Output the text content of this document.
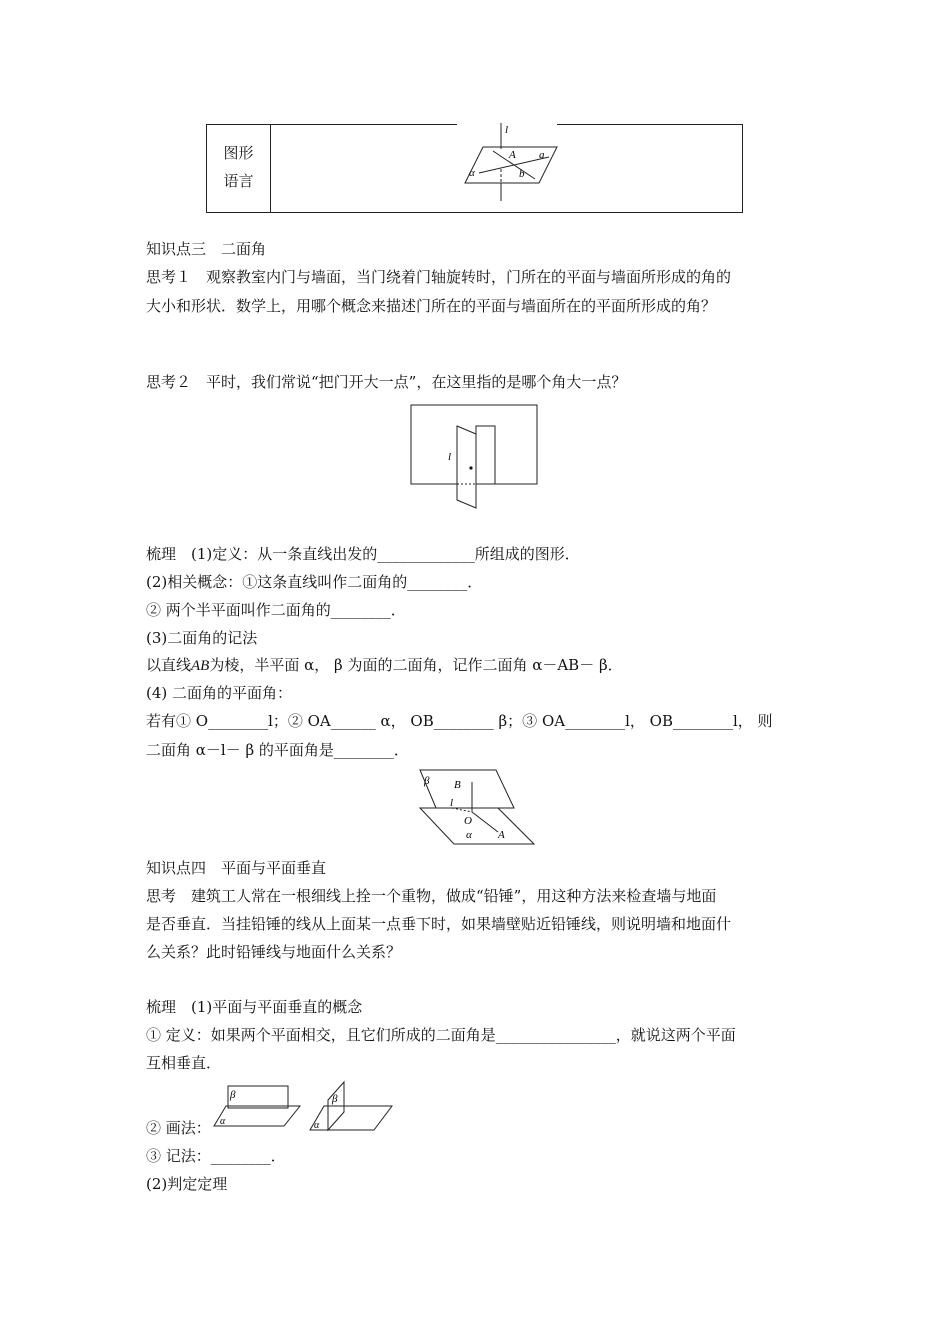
图形
语言
l
A a
α	b
知识点三　二面角
思考１　观察教室内门与墙面，当门绕着门轴旋转时，门所在的平面与墙面所形成的角的
大小和形状．数学上，用哪个概念来描述门所在的平面与墙面所在的平面所形成的角？
思考２　平时，我们常说“把门开大一点”，在这里指的是哪个角大一点？
l
梳理　(1)定义：从一条直线出发的_____________所组成的图形．
(2)相关概念：①这条直线叫作二面角的________．
② 两个半平面叫作二面角的________．
(3)二面角的记法
以直线AB为棱，半平面 α， β 为面的二面角，记作二面角 α－AB－ β．
(4) 二面角的平面角：
若有① O________l；② OA______ α， OB________ β；③ OA________l， OB________l， 则
二面角 α－l－ β 的平面角是________．
β B
l
O
α A
知识点四　平面与平面垂直
思考　建筑工人常在一根细线上拴一个重物，做成“铅锤”，用这种方法来检查墙与地面
是否垂直．当挂铅锤的线从上面某一点垂下时，如果墙壁贴近铅锤线，则说明墙和地面什
么关系？此时铅锤线与地面什么关系？
梳理　(1)平面与平面垂直的概念
① 定义：如果两个平面相交，且它们所成的二面角是________________，就说这两个平面
互相垂直．
② 画法：
β
α
β
α
③ 记法：________．
(2)判定定理
